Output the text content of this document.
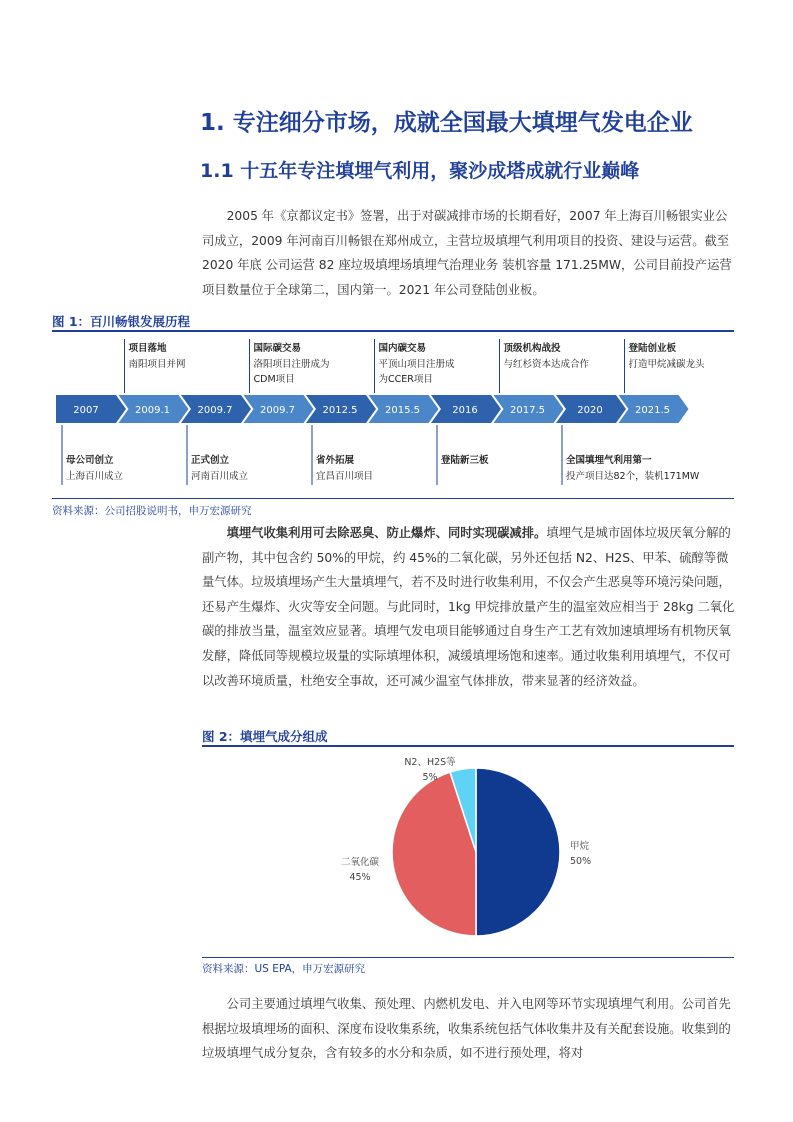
1. 专注细分市场，成就全国最大填埋气发电企业
1.1 十五年专注填埋气利用，聚沙成塔成就行业巅峰

2005 年《京都议定书》签署，出于对碳减排市场的长期看好，2007 年上海百川畅银实业公司成立，2009 年河南百川畅银在郑州成立，主营垃圾填埋气利用项目的投资、建设与运营。截至 2020 年底 公司运营 82 座垃圾填埋场填埋气治理业务 装机容量 171.25MW，公司目前投产运营项目数量位于全球第二，国内第一。2021 年公司登陆创业板。

图 1：百川畅银发展历程
2007	2009.1	2009.7	2009.7	2012.5	2015.5	2016	2017.5	2020	2021.5
项目落地
南阳项目并网
国际碳交易
洛阳项目注册成为
CDM项目
国内碳交易
平顶山项目注册成
为CCER项目
顶级机构战投
与红杉资本达成合作
登陆创业板
打造甲烷减碳龙头
母公司创立
上海百川成立
正式创立
河南百川成立
省外拓展
宜昌百川项目
登陆新三板	全国填埋气利用第一
投产项目达82个，装机171MW
资料来源：公司招股说明书，申万宏源研究

填埋气收集利用可去除恶臭、防止爆炸、同时实现碳减排。填埋气是城市固体垃圾厌氧分解的副产物，其中包含约 50%的甲烷，约 45%的二氧化碳，另外还包括 N2、H2S、甲苯、硫醇等微量气体。垃圾填埋场产生大量填埋气，若不及时进行收集利用，不仅会产生恶臭等环境污染问题，还易产生爆炸、火灾等安全问题。与此同时，1kg 甲烷排放量产生的温室效应相当于 28kg 二氧化碳的排放当量，温室效应显著。填埋气发电项目能够通过自身生产工艺有效加速填埋场有机物厌氧发酵，降低同等规模垃圾量的实际填埋体积，减缓填埋场饱和速率。通过收集利用填埋气，不仅可以改善环境质量，杜绝安全事故，还可减少温室气体排放，带来显著的经济效益。

图 2：填埋气成分组成
甲烷
50%
二氧化碳
45%
N2、H2S等
5%
资料来源：US EPA，申万宏源研究

公司主要通过填埋气收集、预处理、内燃机发电、并入电网等环节实现填埋气利用。公司首先根据垃圾填埋场的面积、深度布设收集系统，收集系统包括气体收集井及有关配套设施。收集到的垃圾填埋气成分复杂，含有较多的水分和杂质，如不进行预处理，将对
